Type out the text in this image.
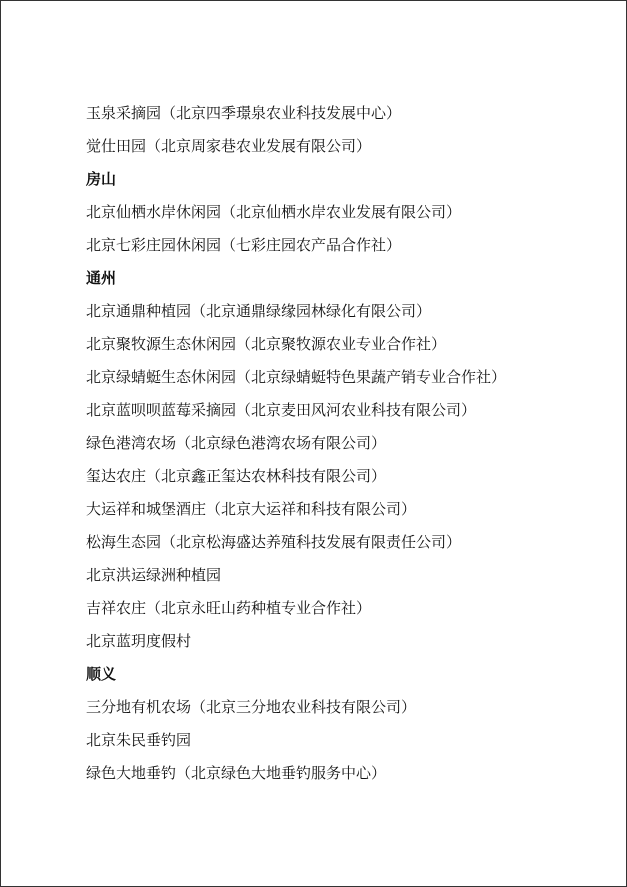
玉泉采摘园（北京四季璟泉农业科技发展中心）
觉仕田园（北京周家巷农业发展有限公司）
房山
北京仙栖水岸休闲园（北京仙栖水岸农业发展有限公司）
北京七彩庄园休闲园（七彩庄园农产品合作社）
通州
北京通鼎种植园（北京通鼎绿缘园林绿化有限公司）
北京聚牧源生态休闲园（北京聚牧源农业专业合作社）
北京绿蜻蜓生态休闲园（北京绿蜻蜓特色果蔬产销专业合作社）
北京蓝呗呗蓝莓采摘园（北京麦田风河农业科技有限公司）
绿色港湾农场（北京绿色港湾农场有限公司）
玺达农庄（北京鑫正玺达农林科技有限公司）
大运祥和城堡酒庄（北京大运祥和科技有限公司）
松海生态园（北京松海盛达养殖科技发展有限责任公司）
北京洪运绿洲种植园
吉祥农庄（北京永旺山药种植专业合作社）
北京蓝玥度假村
顺义
三分地有机农场（北京三分地农业科技有限公司）
北京朱民垂钓园
绿色大地垂钓（北京绿色大地垂钓服务中心）
